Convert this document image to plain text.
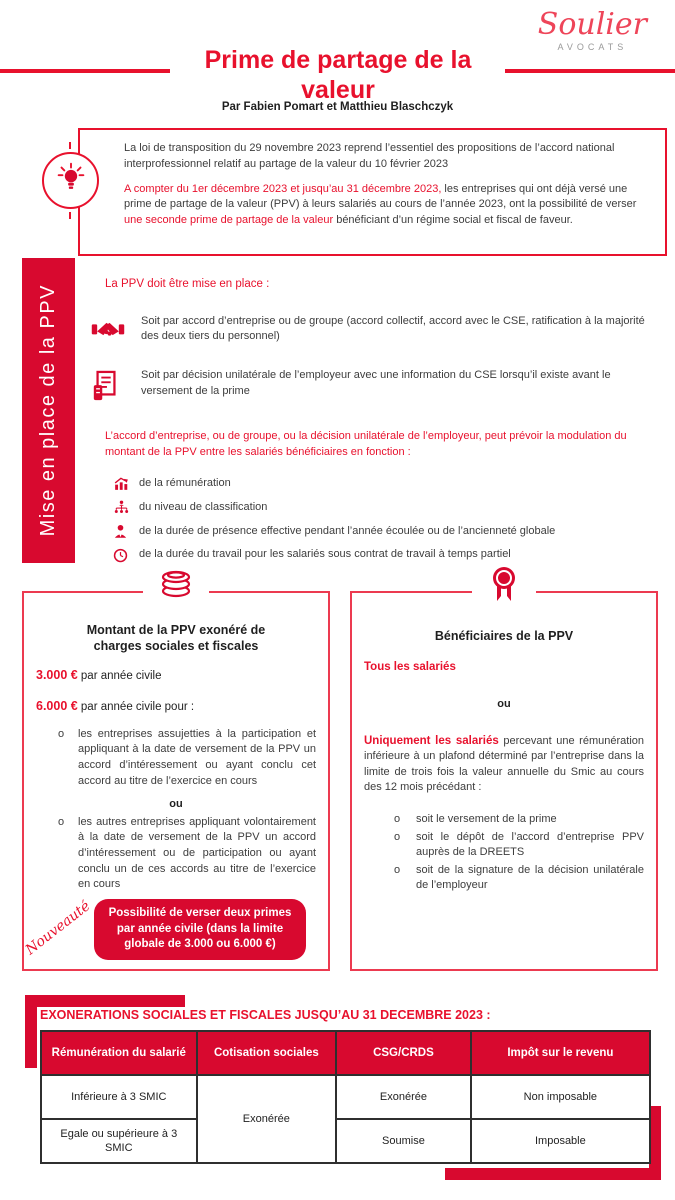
Soulier
AVOCATS
Prime de partage de la
valeur
Par Fabien Pomart et Matthieu Blaschczyk
La loi de transposition du 29 novembre 2023 reprend l’essentiel des propositions de l’accord national interprofessionnel relatif au partage de la valeur du 10 février 2023
A compter du 1er décembre 2023 et jusqu’au 31 décembre 2023, les entreprises qui ont déjà versé une prime de partage de la valeur (PPV) à leurs salariés au cours de l’année 2023, ont la possibilité de verser une seconde prime de partage de la valeur bénéficiant d’un régime social et fiscal de faveur.
Mise en place de la PPV
La PPV doit être mise en place :
Soit par accord d’entreprise ou de groupe (accord collectif, accord avec le CSE, ratification à la majorité des deux tiers du personnel)
Soit par décision unilatérale de l’employeur avec une information du CSE lorsqu’il existe avant le versement de la prime
L’accord d’entreprise, ou de groupe, ou la décision unilatérale de l’employeur, peut prévoir la modulation du montant de la PPV entre les salariés bénéficiaires en fonction :
de la rémunération
du niveau de classification
de la durée de présence effective pendant l’année écoulée ou de l’ancienneté globale
de la durée du travail pour les salariés sous contrat de travail à temps partiel
Montant de la PPV exonéré de
charges sociales et fiscales
3.000 € par année civile
6.000 € par année civile pour :
o	les entreprises assujetties à la participation et appliquant à la date de versement de la PPV un accord d’intéressement ou ayant conclu cet accord au titre de l’exercice en cours
ou
o	les autres entreprises appliquant volontairement à la date de versement de la PPV un accord d’intéressement ou de participation ou ayant conclu un de ces accords au titre de l’exercice en cours
Nouveauté	Possibilité de verser deux primes par année civile (dans la limite globale de 3.000 ou 6.000 €)
Bénéficiaires de la PPV
Tous les salariés
ou
Uniquement les salariés percevant une rémunération inférieure à un plafond déterminé par l’entreprise dans la limite de trois fois la valeur annuelle du Smic au cours des 12 mois précédant :
o	soit le versement de la prime
o	soit le dépôt de l’accord d’entreprise PPV auprès de la DREETS
o	soit de la signature de la décision unilatérale de l’employeur
EXONERATIONS SOCIALES ET FISCALES JUSQU’AU 31 DECEMBRE 2023 :
Rémunération du salarié	Cotisation sociales	CSG/CRDS	Impôt sur le revenu
Inférieure à 3 SMIC	Exonérée	Exonérée	Non imposable
Egale ou supérieure à 3 SMIC		Soumise	Imposable
